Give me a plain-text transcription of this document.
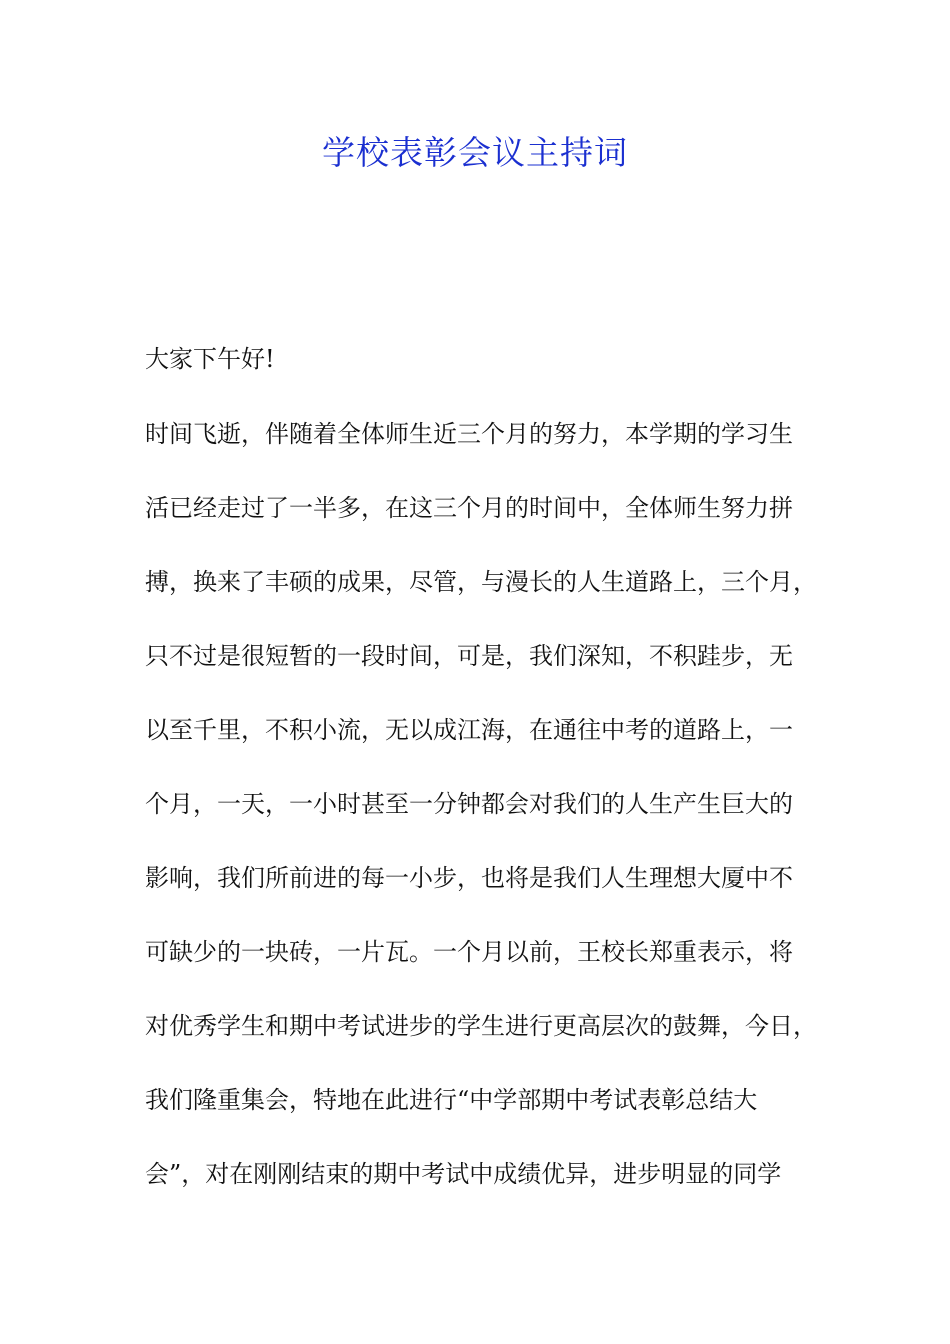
学校表彰会议主持词
大家下午好!
时间飞逝，伴随着全体师生近三个月的努力，本学期的学习生
活已经走过了一半多，在这三个月的时间中，全体师生努力拼
搏，换来了丰硕的成果，尽管，与漫长的人生道路上，三个月，
只不过是很短暂的一段时间，可是，我们深知，不积跬步，无
以至千里，不积小流，无以成江海，在通往中考的道路上，一
个月，一天，一小时甚至一分钟都会对我们的人生产生巨大的
影响，我们所前进的每一小步，也将是我们人生理想大厦中不
可缺少的一块砖，一片瓦。一个月以前，王校长郑重表示，将
对优秀学生和期中考试进步的学生进行更高层次的鼓舞，今日，
我们隆重集会，特地在此进行“中学部期中考试表彰总结大
会”，对在刚刚结束的期中考试中成绩优异，进步明显的同学
